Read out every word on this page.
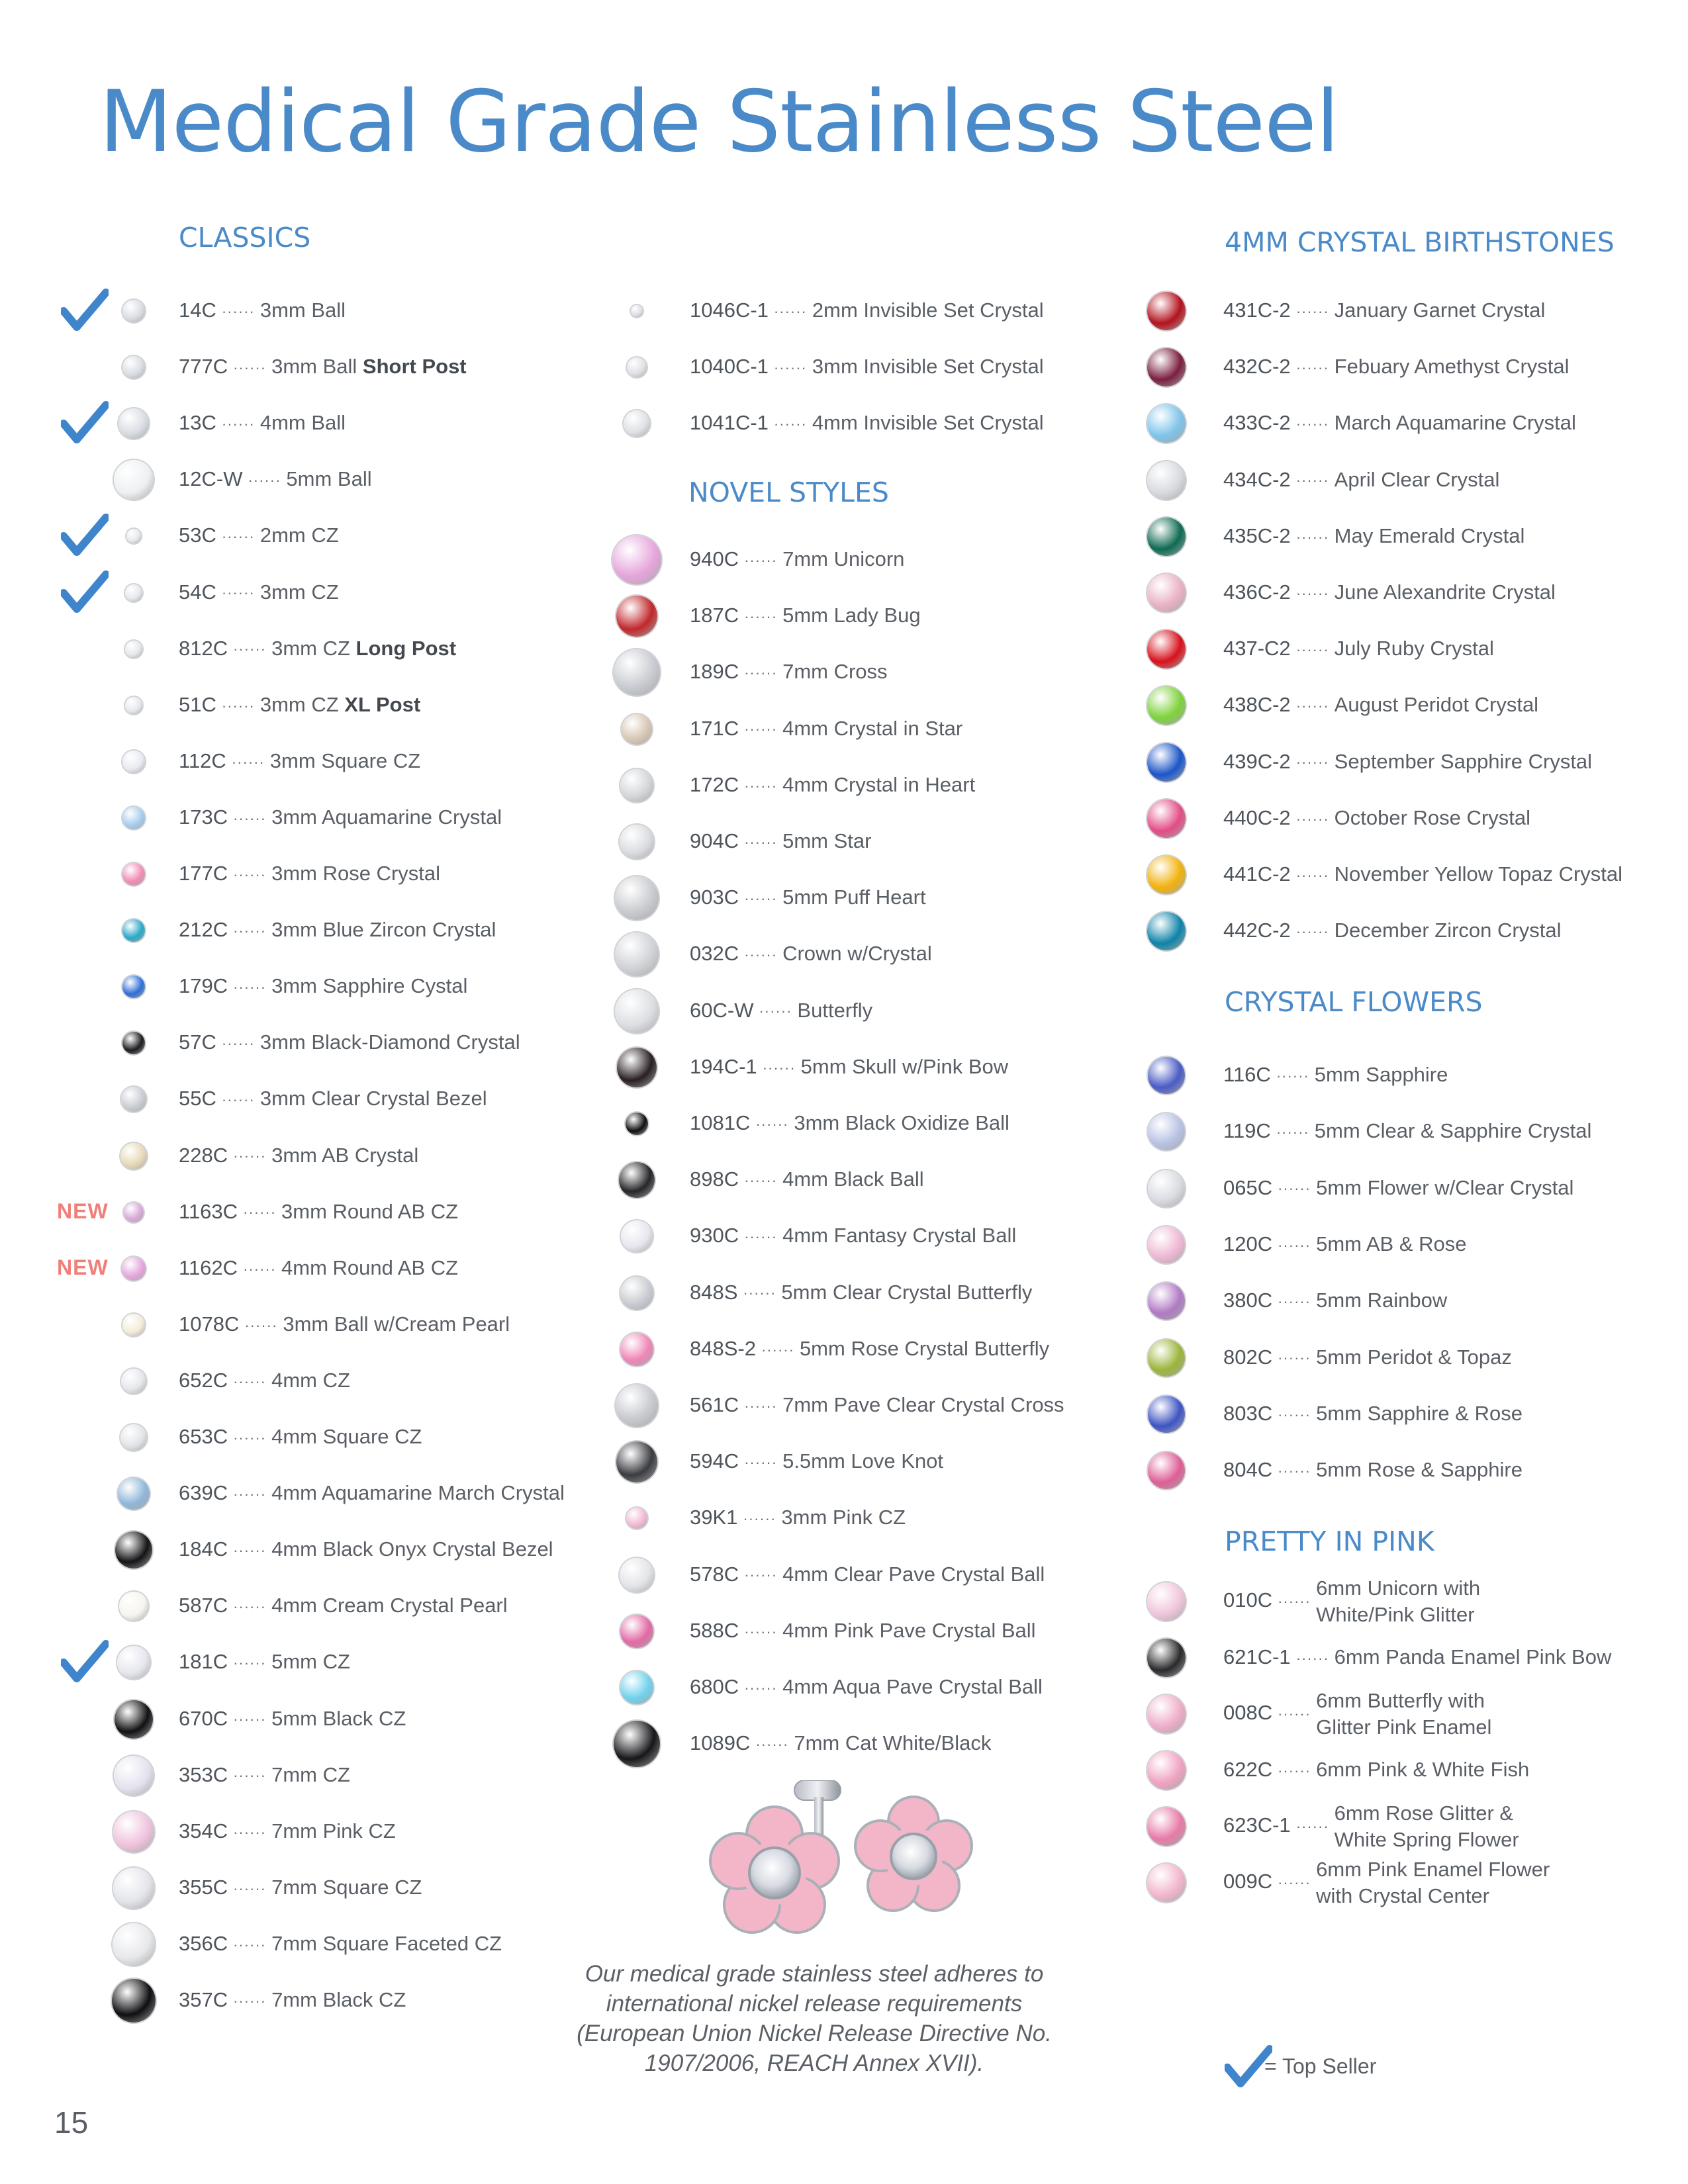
Medical Grade Stainless Steel
CLASSICS
14C ······ 3mm Ball
777C ······ 3mm Ball Short Post
13C ······ 4mm Ball
12C-W ······ 5mm Ball
53C ······ 2mm CZ
54C ······ 3mm CZ
812C ······ 3mm CZ Long Post
51C ······ 3mm CZ XL Post
112C ······ 3mm Square CZ
173C ······ 3mm Aquamarine Crystal
177C ······ 3mm Rose Crystal
212C ······ 3mm Blue Zircon Crystal
179C ······ 3mm Sapphire Cystal
57C ······ 3mm Black-Diamond Crystal
55C ······ 3mm Clear Crystal Bezel
228C ······ 3mm AB Crystal
1163C ······ 3mm Round AB CZ
NEW
1162C ······ 4mm Round AB CZ
NEW
1078C ······ 3mm Ball w/Cream Pearl
652C ······ 4mm CZ
653C ······ 4mm Square CZ
639C ······ 4mm Aquamarine March Crystal
184C ······ 4mm Black Onyx Crystal Bezel
587C ······ 4mm Cream Crystal Pearl
181C ······ 5mm CZ
670C ······ 5mm Black CZ
353C ······ 7mm CZ
354C ······ 7mm Pink CZ
355C ······ 7mm Square CZ
356C ······ 7mm Square Faceted CZ
357C ······ 7mm Black CZ
1046C-1 ······ 2mm Invisible Set Crystal
1040C-1 ······ 3mm Invisible Set Crystal
1041C-1 ······ 4mm Invisible Set Crystal
NOVEL STYLES
940C ······ 7mm Unicorn
187C ······ 5mm Lady Bug
189C ······ 7mm Cross
171C ······ 4mm Crystal in Star
172C ······ 4mm Crystal in Heart
904C ······ 5mm Star
903C ······ 5mm Puff Heart
032C ······ Crown w/Crystal
60C-W ······ Butterfly
194C-1 ······ 5mm Skull w/Pink Bow
1081C ······ 3mm Black Oxidize Ball
898C ······ 4mm Black Ball
930C ······ 4mm Fantasy Crystal Ball
848S ······ 5mm Clear Crystal Butterfly
848S-2 ······ 5mm Rose Crystal Butterfly
561C ······ 7mm Pave Clear Crystal Cross
594C ······ 5.5mm Love Knot
39K1 ······ 3mm Pink CZ
578C ······ 4mm Clear Pave Crystal Ball
588C ······ 4mm Pink Pave Crystal Ball
680C ······ 4mm Aqua Pave Crystal Ball
1089C ······ 7mm Cat White/Black
4MM CRYSTAL BIRTHSTONES
431C-2 ······ January Garnet Crystal
432C-2 ······ Febuary Amethyst Crystal
433C-2 ······ March Aquamarine Crystal
434C-2 ······ April Clear Crystal
435C-2 ······ May Emerald Crystal
436C-2 ······ June Alexandrite Crystal
437-C2 ······ July Ruby Crystal
438C-2 ······ August Peridot Crystal
439C-2 ······ September Sapphire Crystal
440C-2 ······ October Rose Crystal
441C-2 ······ November Yellow Topaz Crystal
442C-2 ······ December Zircon Crystal
CRYSTAL FLOWERS
116C ······ 5mm Sapphire
119C ······ 5mm Clear & Sapphire Crystal
065C ······ 5mm Flower w/Clear Crystal
120C ······ 5mm AB & Rose
380C ······ 5mm Rainbow
802C ······ 5mm Peridot & Topaz
803C ······ 5mm Sapphire & Rose
804C ······ 5mm Rose & Sapphire
PRETTY IN PINK
010C ······
6mm Unicorn with
White/Pink Glitter
621C-1 ······ 6mm Panda Enamel Pink Bow
008C ······
6mm Butterfly with
Glitter Pink Enamel
622C ······ 6mm Pink & White Fish
623C-1 ······
6mm Rose Glitter &
White Spring Flower
009C ······
6mm Pink Enamel Flower
with Crystal Center
Our medical grade stainless steel adheres to international nickel release requirements (European Union Nickel Release Directive No. 1907/2006, REACH Annex XVII).	= Top Seller
15
